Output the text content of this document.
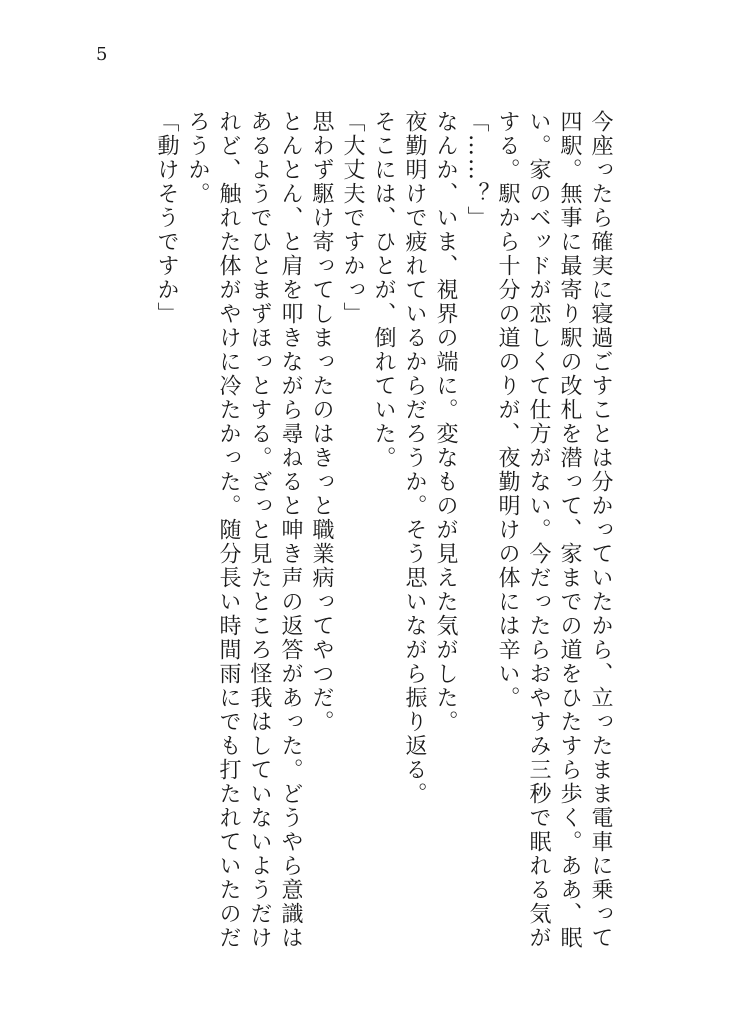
5

今座ったら確実に寝過ごすことは分かっていたから、立ったまま電車に乗って四駅。無事に最寄り駅の改札を潜って、家までの道をひたすら歩く。ああ、眠い。家のベッドが恋しくて仕方がない。今だったらおやすみ三秒で眠れる気がする。駅から十分の道のりが、夜勤明けの体には辛い。

「……？」

なんか、いま、視界の端に。変なものが見えた気がした。

夜勤明けで疲れているからだろうか。そう思いながら振り返る。

そこには、ひとが、倒れていた。

「大丈夫ですかっ」

思わず駆け寄ってしまったのはきっと職業病ってやつだ。

とんとん、と肩を叩きながら尋ねると呻き声の返答があった。どうやら意識はあるようでひとまずほっとする。ざっと見たところ怪我はしていないようだけれど、触れた体がやけに冷たかった。随分長い時間雨にでも打たれていたのだろうか。

「動けそうですか」
